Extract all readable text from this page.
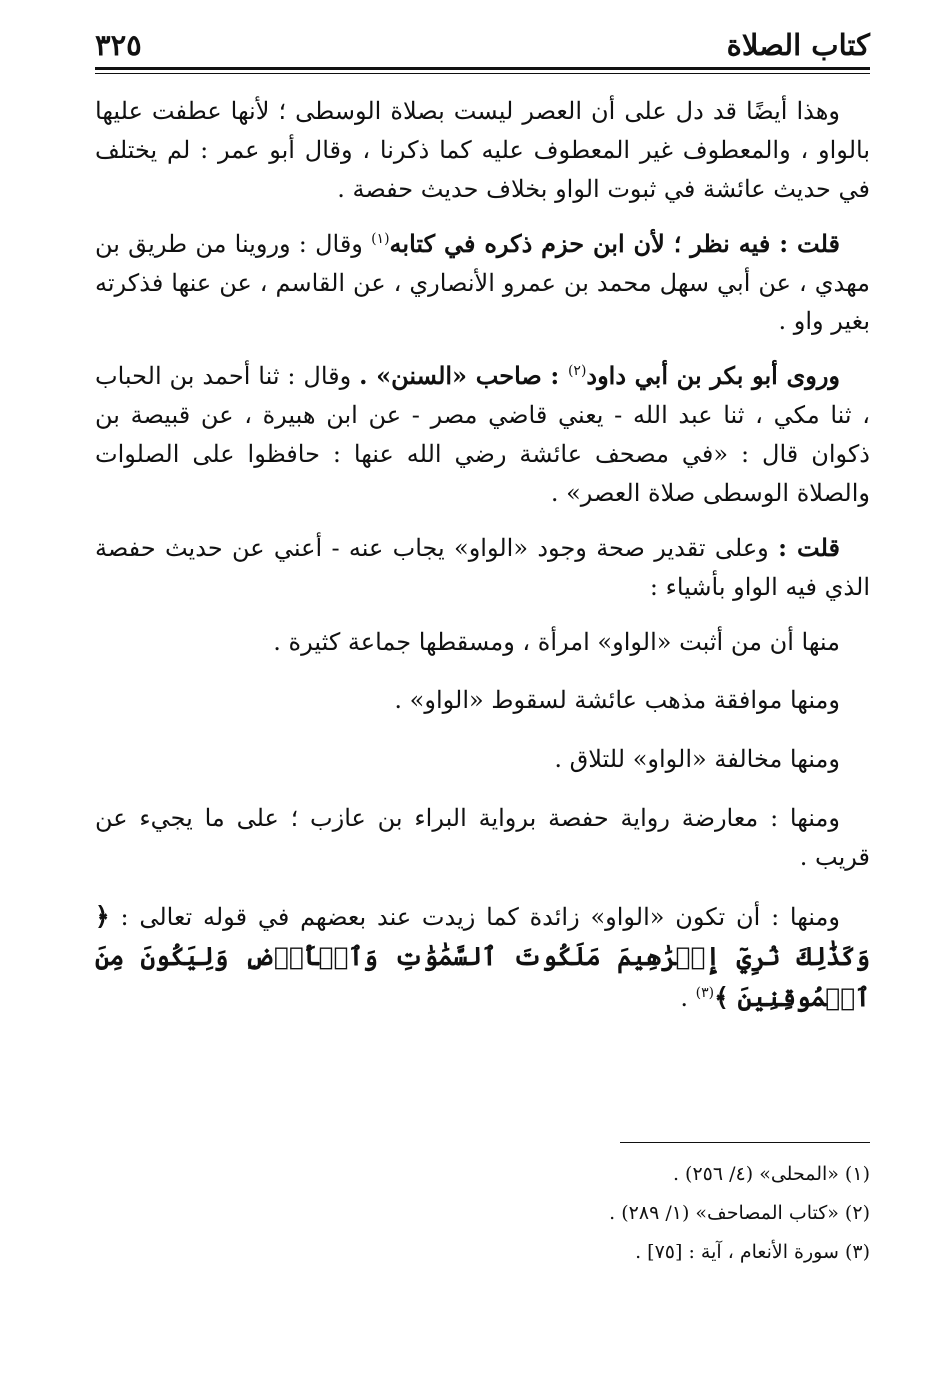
كتاب الصلاة
٣٢٥

وهذا أيضًا قد دل على أن العصر ليست بصلاة الوسطى ؛ لأنها عطفت عليها بالواو ، والمعطوف غير المعطوف عليه كما ذكرنا ، وقال أبو عمر : لم يختلف في حديث عائشة في ثبوت الواو بخلاف حديث حفصة .

قلت : فيه نظر ؛ لأن ابن حزم ذكره في كتابه$^{(١)}$ وقال : وروينا من طريق بن مهدي ، عن أبي سهل محمد بن عمرو الأنصاري ، عن القاسم ، عن عنها فذكرته بغير واو .

وروى أبو بكر بن أبي داود$^{(٢)}$ : صاحب «السنن» . وقال : ثنا أحمد بن الحباب ، ثنا مكي ، ثنا عبد الله - يعني قاضي مصر - عن ابن هبيرة ، عن قبيصة بن ذكوان قال : «في مصحف عائشة رضي الله عنها : حافظوا على الصلوات والصلاة الوسطى صلاة العصر» .

قلت : وعلى تقدير صحة وجود «الواو» يجاب عنه - أعني عن حديث حفصة الذي فيه الواو بأشياء :

منها أن من أثبت «الواو» امرأة ، ومسقطها جماعة كثيرة .

ومنها موافقة مذهب عائشة لسقوط «الواو» .

ومنها مخالفة «الواو» للتلاق .

ومنها : معارضة رواية حفصة برواية البراء بن عازب ؛ على ما يجيء عن قريب .

ومنها : أن تكون «الواو» زائدة كما زيدت عند بعضهم في قوله تعالى : ﴿ وَكَذَٰلِكَ نُرِيٓ إِبۡرَٰهِيمَ مَلَكُوتَ ٱلسَّمَٰوَٰتِ وَٱلۡأَرۡضِ وَلِيَكُونَ مِنَ ٱلۡمُوقِنِينَ ﴾$^{(٣)}$ .

(١) «المحلى» (٤/ ٢٥٦) .
(٢) «كتاب المصاحف» (١/ ٢٨٩) .
(٣) سورة الأنعام ، آية : [٧٥] .
